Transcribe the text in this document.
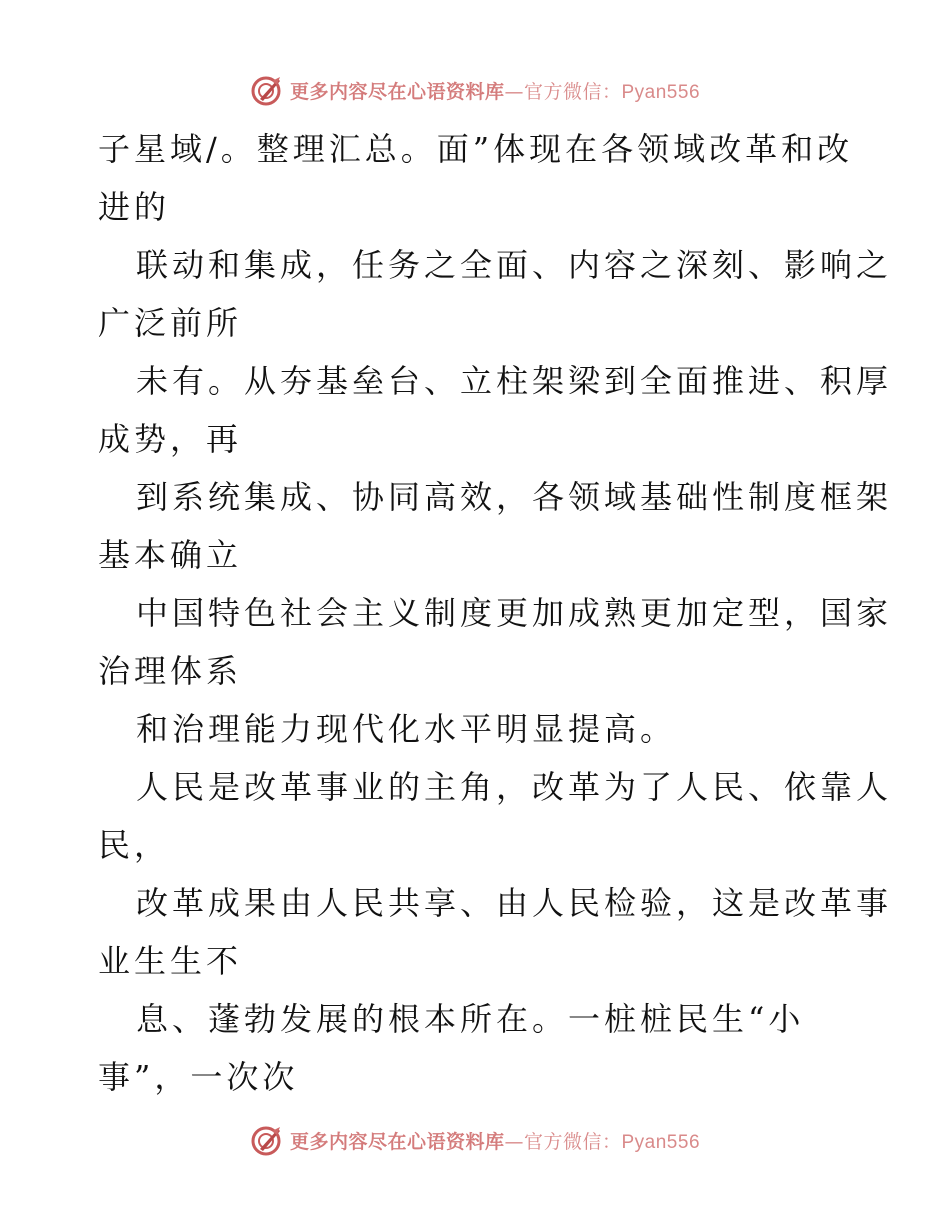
更多内容尽在心语资料库—官方微信：Pyan556
子星域/。整理汇总。面”体现在各领域改革和改
进的
联动和集成，任务之全面、内容之深刻、影响之
广泛前所
未有。从夯基垒台、立柱架梁到全面推进、积厚
成势，再
到系统集成、协同高效，各领域基础性制度框架
基本确立
中国特色社会主义制度更加成熟更加定型，国家
治理体系
和治理能力现代化水平明显提高。
人民是改革事业的主角，改革为了人民、依靠人
民，
改革成果由人民共享、由人民检验，这是改革事
业生生不
息、蓬勃发展的根本所在。一桩桩民生“小
事”，一次次
更多内容尽在心语资料库—官方微信：Pyan556
